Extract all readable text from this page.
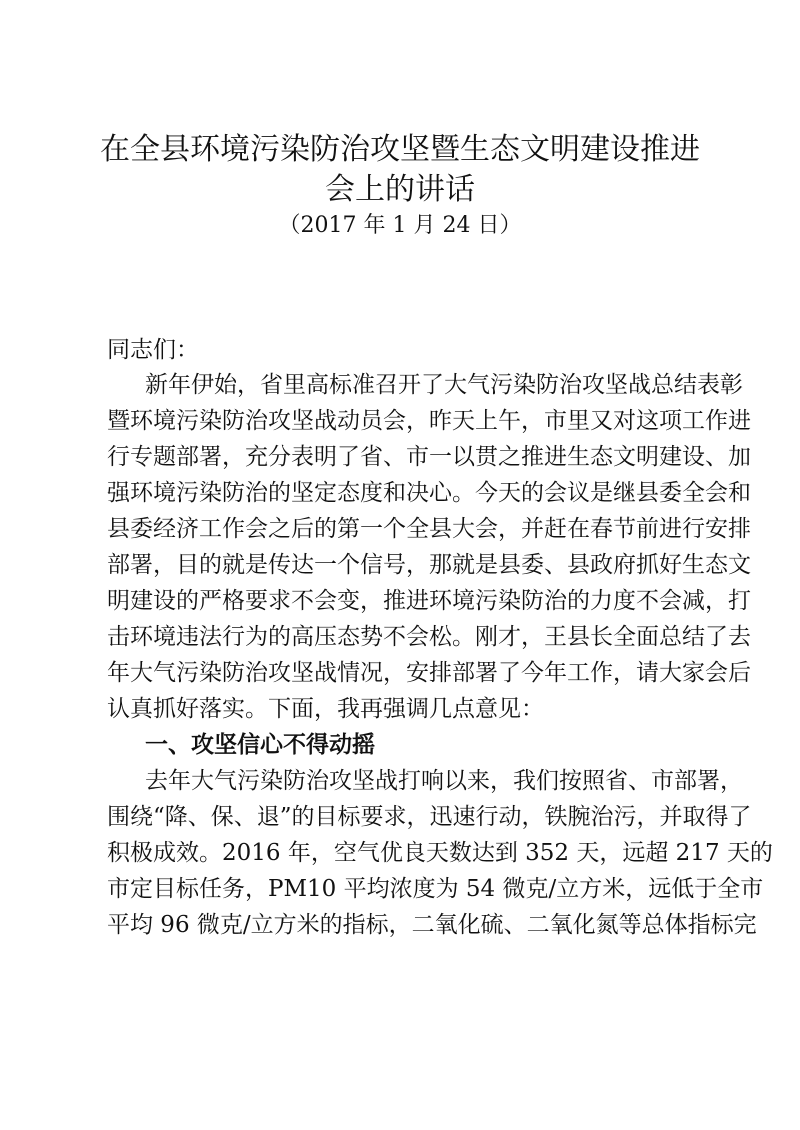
在全县环境污染防治攻坚暨生态文明建设推进
会上的讲话
（2017 年 1 月 24 日）
同志们：
新年伊始，省里高标准召开了大气污染防治攻坚战总结表彰
暨环境污染防治攻坚战动员会，昨天上午，市里又对这项工作进
行专题部署，充分表明了省、市一以贯之推进生态文明建设、加
强环境污染防治的坚定态度和决心。今天的会议是继县委全会和
县委经济工作会之后的第一个全县大会，并赶在春节前进行安排
部署，目的就是传达一个信号，那就是县委、县政府抓好生态文
明建设的严格要求不会变，推进环境污染防治的力度不会减，打
击环境违法行为的高压态势不会松。刚才，王县长全面总结了去
年大气污染防治攻坚战情况，安排部署了今年工作，请大家会后
认真抓好落实。下面，我再强调几点意见：
一、攻坚信心不得动摇
去年大气污染防治攻坚战打响以来，我们按照省、市部署，
围绕“降、保、退”的目标要求，迅速行动，铁腕治污，并取得了
积极成效。2016 年，空气优良天数达到 352 天，远超 217 天的
市定目标任务，PM10 平均浓度为 54 微克/立方米，远低于全市
平均 96 微克/立方米的指标，二氧化硫、二氧化氮等总体指标完
